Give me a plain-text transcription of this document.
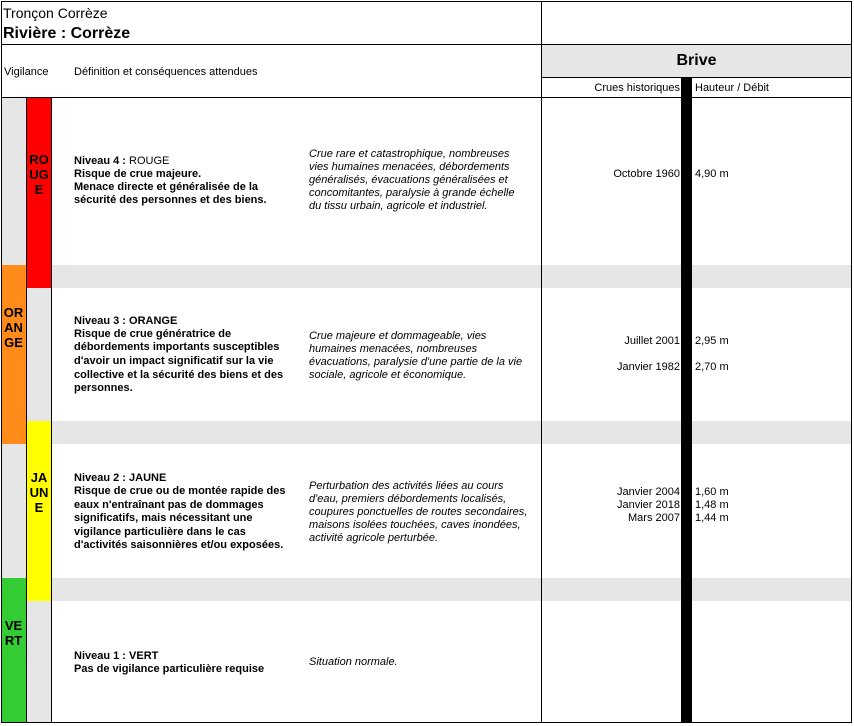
Tronçon Corrèze
Rivière : Corrèze
Brive
Vigilance Définition et conséquences attendues
Crues historiques Hauteur / Débit
ORANGE
VERT
ROUGE
JAUNE
Niveau 4 : ROUGE
Risque de crue majeure.
Menace directe et généralisée de la
sécurité des personnes et des biens.
Crue rare et catastrophique, nombreuses
vies humaines menacées, débordements
généralisés, évacuations généralisées et
concomitantes, paralysie à grande échelle
du tissu urbain, agricole et industriel.
Octobre 1960 4,90 m
Niveau 3 : ORANGE
Risque de crue génératrice de
débordements importants susceptibles
d'avoir un impact significatif sur la vie
collective et la sécurité des biens et des
personnes.
Crue majeure et dommageable, vies
humaines menacées, nombreuses
évacuations, paralysie d'une partie de la vie
sociale, agricole et économique.
Juillet 2001 2,95 m
Janvier 1982 2,70 m
Niveau 2 : JAUNE
Risque de crue ou de montée rapide des
eaux n'entraînant pas de dommages
significatifs, mais nécessitant une
vigilance particulière dans le cas
d'activités saisonnières et/ou exposées.
Perturbation des activités liées au cours
d'eau, premiers débordements localisés,
coupures ponctuelles de routes secondaires,
maisons isolées touchées, caves inondées,
activité agricole perturbée.
Janvier 2004 1,60 m
Janvier 2018 1,48 m
Mars 2007 1,44 m
Niveau 1 : VERT
Pas de vigilance particulière requise
Situation normale.
